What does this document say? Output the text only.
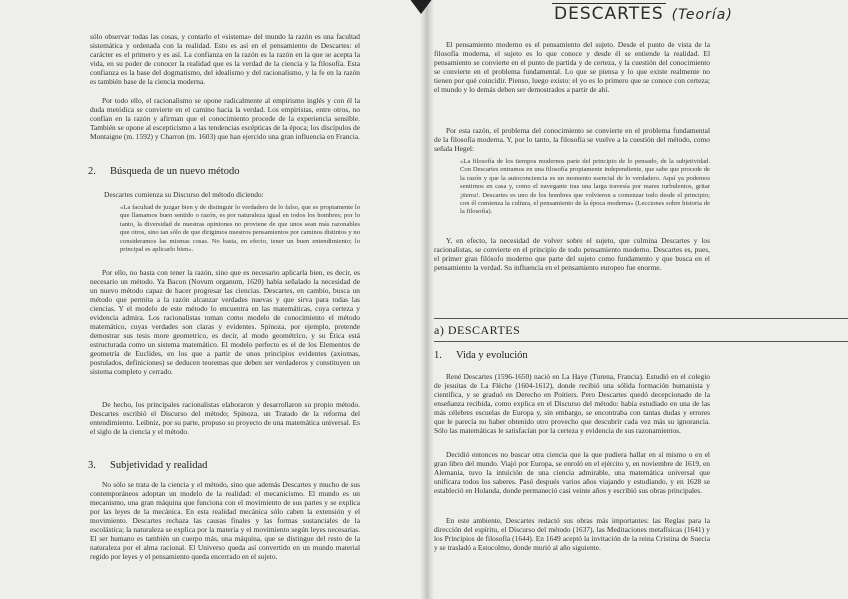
sólo observar todas las cosas, y contarlo el «sistema» del mundo la razón es una facultad sistemática y ordenada con la realidad. Esto es así en el pensamiento de Descartes: el carácter es el primero y es así. La confianza en la razón es la razón en la que se acepta la vida, en su poder de conocer la realidad que es la verdad de la ciencia y la filosofía. Esta confianza es la base del dogmatismo, del idealismo y del racionalismo, y la fe en la razón es también base de la ciencia moderna.
Por todo ello, el racionalismo se opone radicalmente al empirismo inglés y con él la duda metódica se convierte en el camino hacia la verdad. Los empiristas, entre otros, no confían en la razón y afirman que el conocimiento procede de la experiencia sensible. También se opone al escepticismo a las tendencias escépticas de la época; los discípulos de Montaigne (m. 1592) y Charron (m. 1603) que han ejercido una gran influencia en Francia.
2. Búsqueda de un nuevo método
Descartes comienza su Discurso del método diciendo:
«La facultad de juzgar bien y de distinguir lo verdadero de lo falso, que es propiamente lo que llamamos buen sentido o razón, es por naturaleza igual en todos los hombres; por lo tanto, la diversidad de nuestras opiniones no proviene de que unos sean más razonables que otros, sino tan sólo de que dirigimos nuestros pensamientos por caminos distintos y no consideramos las mismas cosas. No basta, en efecto, tener un buen entendimiento; lo principal es aplicarlo bien».
Por ello, no basta con tener la razón, sino que es necesario aplicarla bien, es decir, es necesario un método. Ya Bacon (Novum organum, 1620) había señalado la necesidad de un nuevo método capaz de hacer progresar las ciencias. Descartes, en cambio, busca un método que permita a la razón alcanzar verdades nuevas y que sirva para todas las ciencias. Y el modelo de este método lo encuentra en las matemáticas, cuya certeza y evidencia admira. Los racionalistas toman como modelo de conocimiento el método matemático, cuyas verdades son claras y evidentes. Spinoza, por ejemplo, pretende demostrar sus tesis more geometrico, es decir, al modo geométrico, y su Ética está estructurada como un sistema matemático. El modelo perfecto es el de los Elementos de geometría de Euclides, en los que a partir de unos principios evidentes (axiomas, postulados, definiciones) se deducen teoremas que deben ser verdaderos y constituyen un sistema completo y cerrado.
De hecho, los principales racionalistas elaboraron y desarrollaron su propio método. Descartes escribió el Discurso del método; Spinoza, un Tratado de la reforma del entendimiento. Leibniz, por su parte, propuso su proyecto de una matemática universal. Es el siglo de la ciencia y el método.
3. Subjetividad y realidad
No sólo se trata de la ciencia y el método, sino que además Descartes y mucho de sus contemporáneos adoptan un modelo de la realidad: el mecanicismo. El mundo es un mecanismo, una gran máquina que funciona con el movimiento de sus partes y se explica por las leyes de la mecánica. En esta realidad mecánica sólo caben la extensión y el movimiento. Descartes rechaza las causas finales y las formas sustanciales de la escolástica; la naturaleza se explica por la materia y el movimiento según leyes necesarias. El ser humano es también un cuerpo más, una máquina, que se distingue del resto de la naturaleza por el alma racional. El Universo queda así convertido en un mundo material regido por leyes y el pensamiento queda encerrado en el sujeto.
DESCARTES (Teoría)
El pensamiento moderno es el pensamiento del sujeto. Desde el punto de vista de la filosofía moderna, el sujeto es lo que conoce y desde él se entiende la realidad. El pensamiento se convierte en el punto de partida y de certeza, y la cuestión del conocimiento se convierte en el problema fundamental. Lo que se piensa y lo que existe realmente no tienen por qué coincidir. Pienso, luego existo: el yo es lo primero que se conoce con certeza; el mundo y lo demás deben ser demostrados a partir de ahí.
Por esta razón, el problema del conocimiento se convierte en el problema fundamental de la filosofía moderna. Y, por lo tanto, la filosofía se vuelve a la cuestión del método, como señala Hegel:
«La filosofía de los tiempos modernos parte del principio de lo pensado, de la subjetividad. Con Descartes entramos en una filosofía propiamente independiente, que sabe que procede de la razón y que la autoconciencia es un momento esencial de lo verdadero. Aquí ya podemos sentirnos en casa y, como el navegante tras una larga travesía por mares turbulentos, gritar ¡tierra!. Descartes es uno de los hombres que volvieron a comenzar todo desde el principio; con él comienza la cultura, el pensamiento de la época moderna» (Lecciones sobre historia de la filosofía).
Y, en efecto, la necesidad de volver sobre el sujeto, que culmina Descartes y los racionalistas, se convierte en el principio de todo pensamiento moderno. Descartes es, pues, el primer gran filósofo moderno que parte del sujeto como fundamento y que busca en el pensamiento la verdad. Su influencia en el pensamiento europeo fue enorme.
a) DESCARTES
1. Vida y evolución
René Descartes (1596-1650) nació en La Haye (Turena, Francia). Estudió en el colegio de jesuitas de La Flèche (1604-1612), donde recibió una sólida formación humanista y científica, y se graduó en Derecho en Poitiers. Pero Descartes quedó decepcionado de la enseñanza recibida, como explica en el Discurso del método: había estudiado en una de las más célebres escuelas de Europa y, sin embargo, se encontraba con tantas dudas y errores que le parecía no haber obtenido otro provecho que descubrir cada vez más su ignorancia. Sólo las matemáticas le satisfacían por la certeza y evidencia de sus razonamientos.
Decidió entonces no buscar otra ciencia que la que pudiera hallar en sí mismo o en el gran libro del mundo. Viajó por Europa, se enroló en el ejército y, en noviembre de 1619, en Alemania, tuvo la intuición de una ciencia admirable, una matemática universal que unificara todos los saberes. Pasó después varios años viajando y estudiando, y en 1628 se estableció en Holanda, donde permaneció casi veinte años y escribió sus obras principales.
En este ambiente, Descartes redactó sus obras más importantes: las Reglas para la dirección del espíritu, el Discurso del método (1637), las Meditaciones metafísicas (1641) y los Principios de filosofía (1644). En 1649 aceptó la invitación de la reina Cristina de Suecia y se trasladó a Estocolmo, donde murió al año siguiente.
